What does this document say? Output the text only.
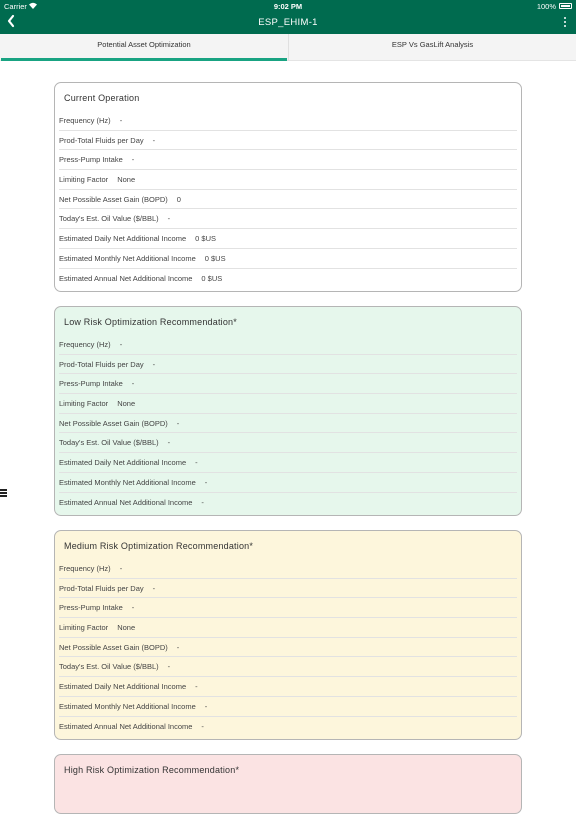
Carrier	9:02 PM	100%
ESP_EHIM-1
Potential Asset Optimization	ESP Vs GasLift Analysis
Current Operation
Frequency (Hz) -
Prod-Total Fluids per Day -
Press-Pump Intake -
Limiting Factor None
Net Possible Asset Gain (BOPD) 0
Today's Est. Oil Value ($/BBL) -
Estimated Daily Net Additional Income 0 $US
Estimated Monthly Net Additional Income 0 $US
Estimated Annual Net Additional Income 0 $US
Low Risk Optimization Recommendation*
Frequency (Hz) -
Prod-Total Fluids per Day -
Press-Pump Intake -
Limiting Factor None
Net Possible Asset Gain (BOPD) -
Today's Est. Oil Value ($/BBL) -
Estimated Daily Net Additional Income -
Estimated Monthly Net Additional Income -
Estimated Annual Net Additional Income -
Medium Risk Optimization Recommendation*
Frequency (Hz) -
Prod-Total Fluids per Day -
Press-Pump Intake -
Limiting Factor None
Net Possible Asset Gain (BOPD) -
Today's Est. Oil Value ($/BBL) -
Estimated Daily Net Additional Income -
Estimated Monthly Net Additional Income -
Estimated Annual Net Additional Income -
High Risk Optimization Recommendation*
